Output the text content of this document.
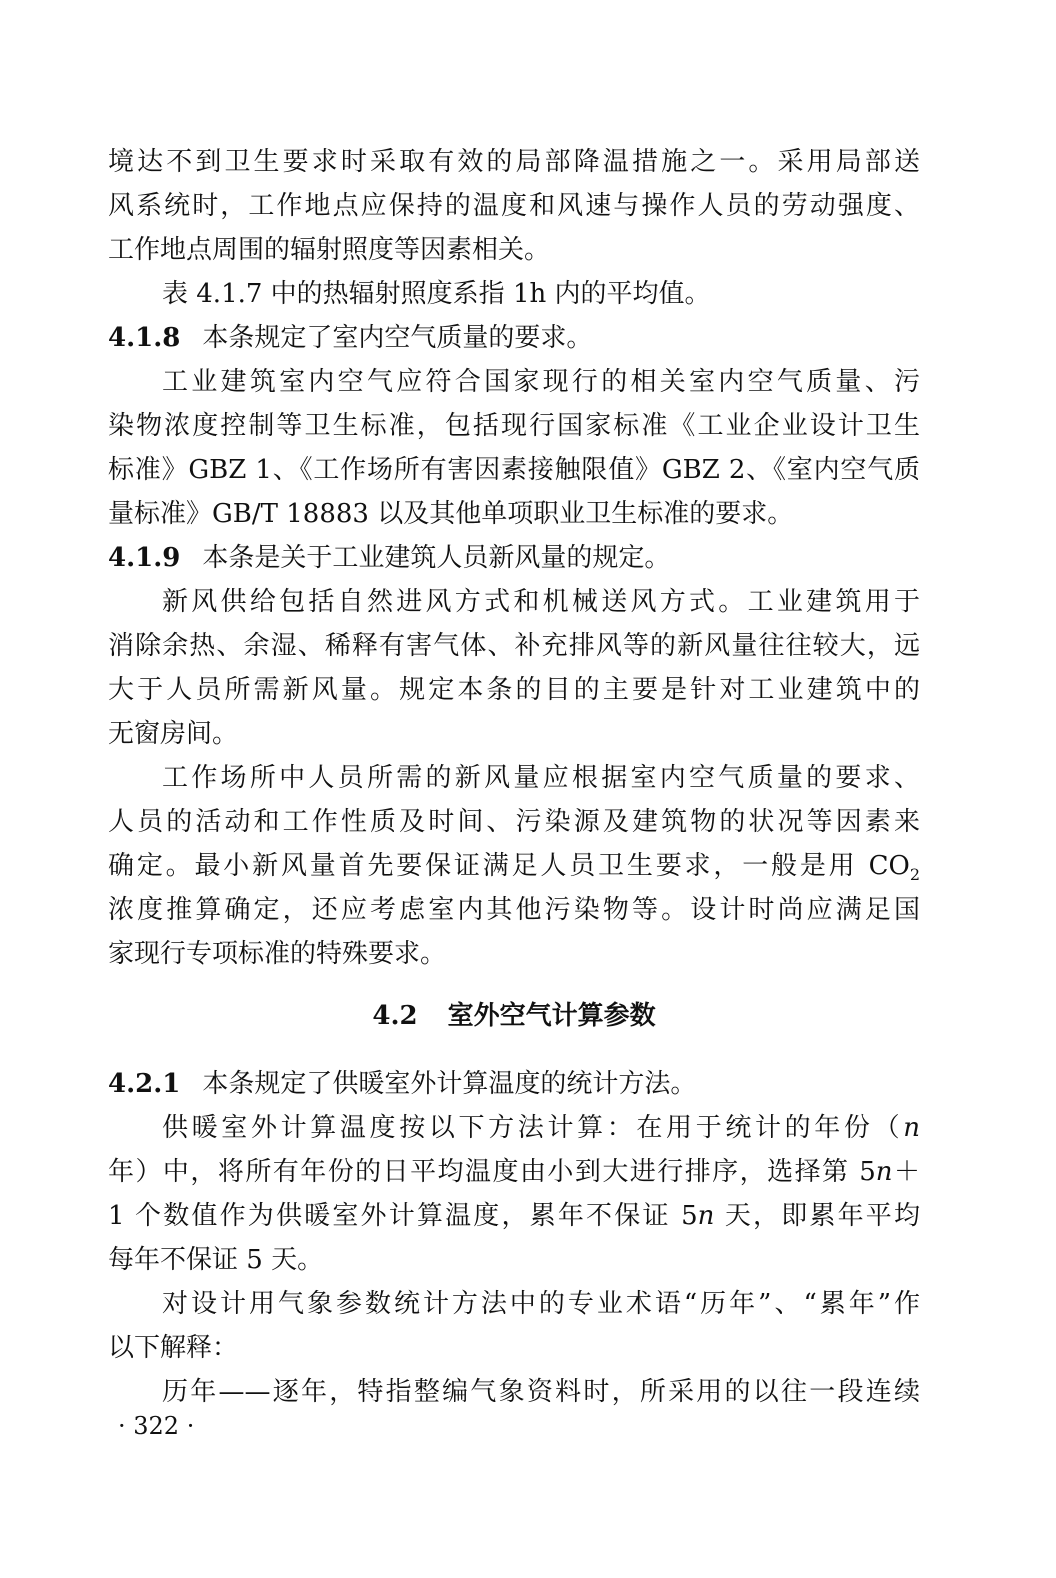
境达不到卫生要求时采取有效的局部降温措施之一。采用局部送
风系统时，工作地点应保持的温度和风速与操作人员的劳动强度、
工作地点周围的辐射照度等因素相关。
表 4.1.7 中的热辐射照度系指 1h 内的平均值。
4.1.8 本条规定了室内空气质量的要求。
工业建筑室内空气应符合国家现行的相关室内空气质量、污
染物浓度控制等卫生标准，包括现行国家标准《工业企业设计卫生
标准》GBZ 1、《工作场所有害因素接触限值》GBZ 2、《室内空气质
量标准》GB/T 18883 以及其他单项职业卫生标准的要求。
4.1.9 本条是关于工业建筑人员新风量的规定。
新风供给包括自然进风方式和机械送风方式。工业建筑用于
消除余热、余湿、稀释有害气体、补充排风等的新风量往往较大，远
大于人员所需新风量。规定本条的目的主要是针对工业建筑中的
无窗房间。
工作场所中人员所需的新风量应根据室内空气质量的要求、
人员的活动和工作性质及时间、污染源及建筑物的状况等因素来
确定。最小新风量首先要保证满足人员卫生要求，一般是用 $CO_2$
浓度推算确定，还应考虑室内其他污染物等。设计时尚应满足国
家现行专项标准的特殊要求。
4.2 室外空气计算参数
4.2.1 本条规定了供暖室外计算温度的统计方法。
供暖室外计算温度按以下方法计算：在用于统计的年份（n
年）中，将所有年份的日平均温度由小到大进行排序，选择第 5n＋
1 个数值作为供暖室外计算温度，累年不保证 5n 天，即累年平均
每年不保证 5 天。
对设计用气象参数统计方法中的专业术语“历年”、“累年”作
以下解释：
历年——逐年，特指整编气象资料时，所采用的以往一段连续
· 322 ·
